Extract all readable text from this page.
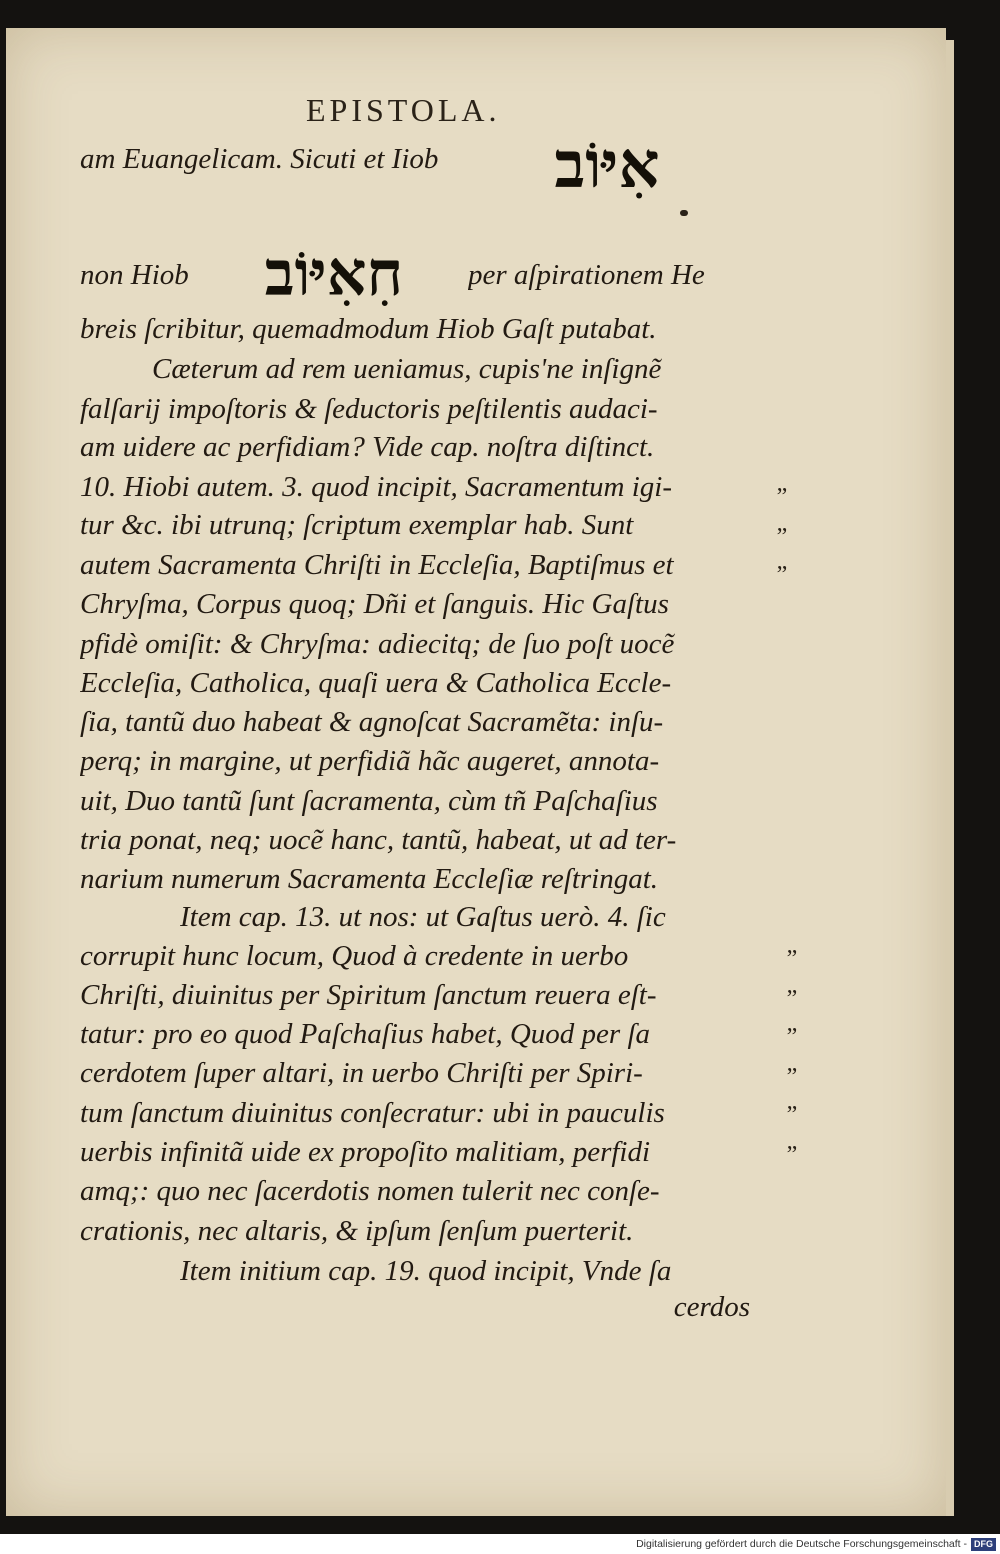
EPISTOLA.
אִיּוֹב
חִאִיּוֹב
am Euangelicam. Sicuti et Iiob
non Hiob	per aſpirationem He
breis ſcribitur, quemadmodum Hiob Gaſt putabat.
Cæterum ad rem ueniamus, cupis'ne inſignẽ
falſarij impoſtoris & ſeductoris peſtilentis audaci-
am uidere ac perfidiam? Vide cap. noſtra diſtinct.
10. Hiobi autem. 3. quod incipit, Sacramentum igi-
tur &c. ibi utrunq; ſcriptum exemplar hab. Sunt
autem Sacramenta Chriſti in Eccleſia, Baptiſmus et
Chryſma, Corpus quoq; Dñi et ſanguis. Hic Gaſtus
pfidè omiſit: & Chryſma: adiecitq; de ſuo poſt uocẽ
Eccleſia, Catholica, quaſi uera & Catholica Eccle-
ſia, tantũ duo habeat & agnoſcat Sacramẽta: inſu-
perq; in margine, ut perfidiã hãc augeret, annota-
uit, Duo tantũ ſunt ſacramenta, cùm tñ Paſchaſius
tria ponat, neq; uocẽ hanc, tantũ, habeat, ut ad ter-
narium numerum Sacramenta Eccleſiæ reſtringat.
Item cap. 13. ut nos: ut Gaſtus uerò. 4. ſic
corrupit hunc locum, Quod à credente in uerbo
Chriſti, diuinitus per Spiritum ſanctum reuera eſt-
tatur: pro eo quod Paſchaſius habet, Quod per ſa
cerdotem ſuper altari, in uerbo Chriſti per Spiri-
tum ſanctum diuinitus conſecratur: ubi in pauculis
uerbis infinitã uide ex propoſito malitiam, perfidi
amq;: quo nec ſacerdotis nomen tulerit nec conſe-
crationis, nec altaris, & ipſum ſenſum puerterit.
Item initium cap. 19. quod incipit, Vnde ſa
cerdos
”
”
”
”
”
”
”
”
”
Digitalisierung gefördert durch die Deutsche Forschungsgemeinschaft - DFG
